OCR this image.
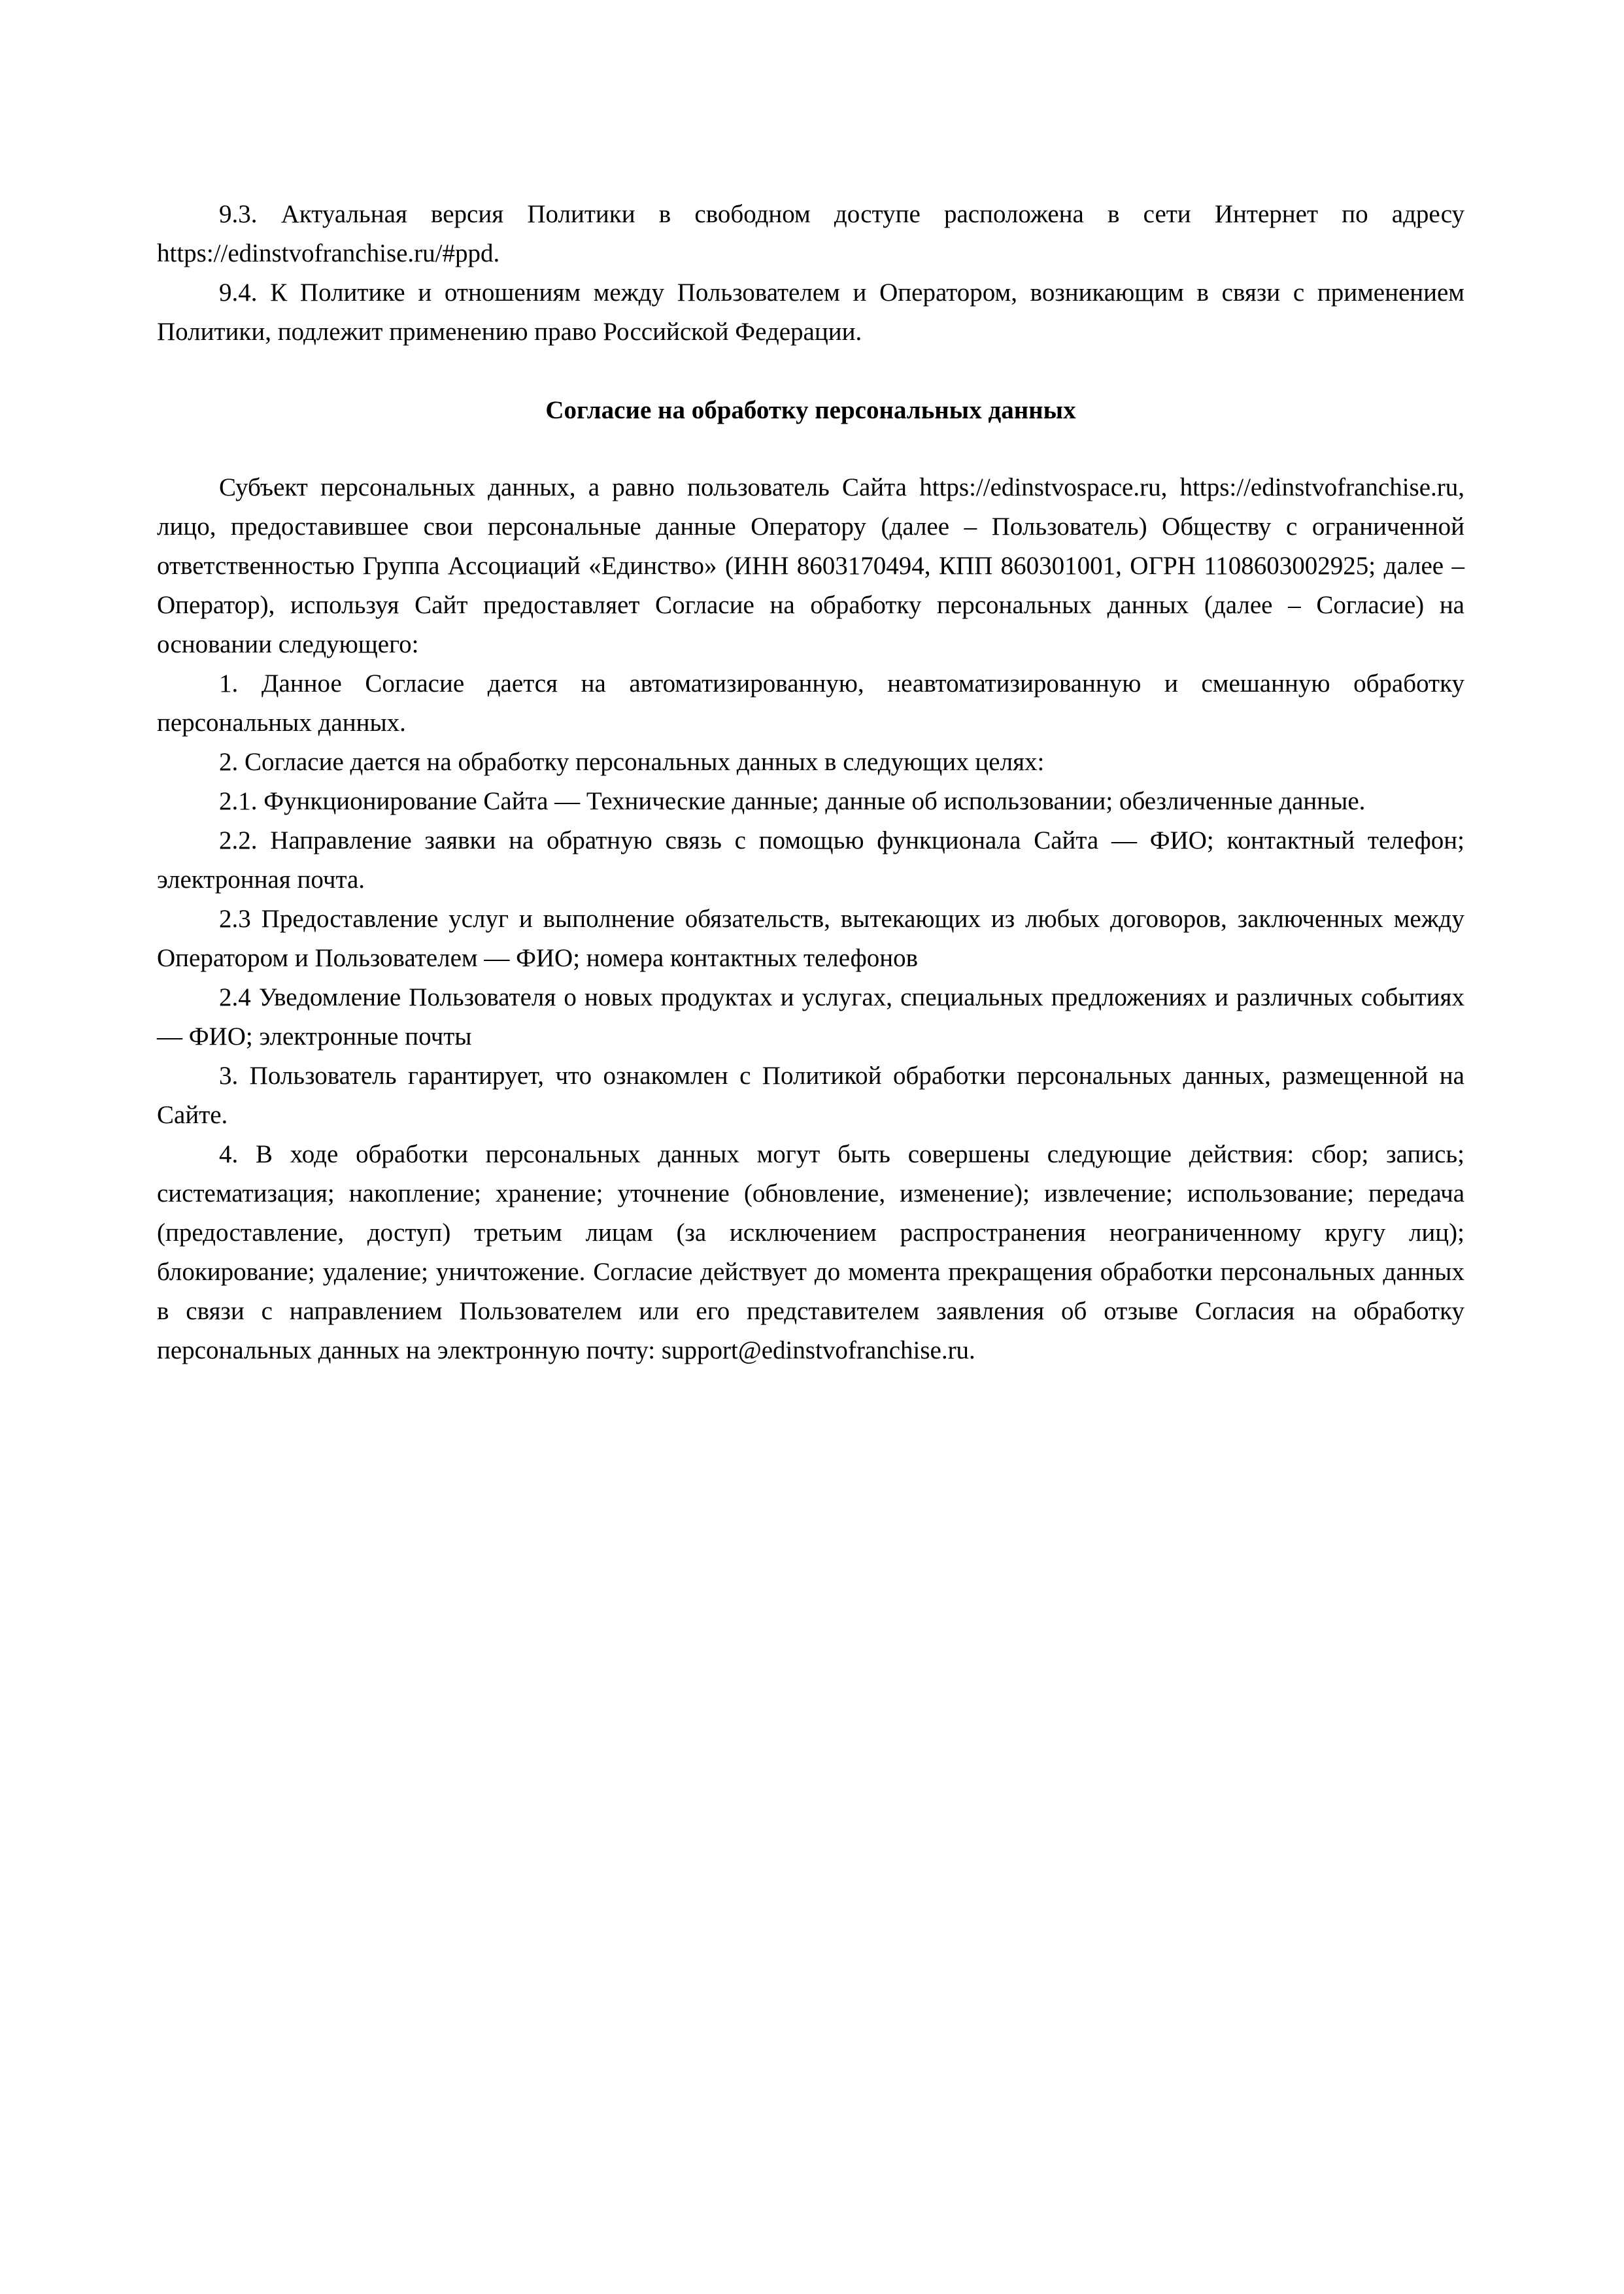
9.3. Актуальная версия Политики в свободном доступе расположена в сети Интернет по адресу https://edinstvofranchise.ru/#ppd.

9.4. К Политике и отношениям между Пользователем и Оператором, возникающим в связи с применением Политики, подлежит применению право Российской Федерации.

Согласие на обработку персональных данных

Субъект персональных данных, а равно пользователь Сайта https://edinstvospace.ru, https://edinstvofranchise.ru, лицо, предоставившее свои персональные данные Оператору (далее – Пользователь) Обществу с ограниченной ответственностью Группа Ассоциаций «Единство» (ИНН 8603170494, КПП 860301001, ОГРН 1108603002925; далее – Оператор), используя Сайт предоставляет Согласие на обработку персональных данных (далее – Согласие) на основании следующего:

1. Данное Согласие дается на автоматизированную, неавтоматизированную и смешанную обработку персональных данных.

2. Согласие дается на обработку персональных данных в следующих целях:

2.1. Функционирование Сайта — Технические данные; данные об использовании; обезличенные данные.

2.2. Направление заявки на обратную связь с помощью функционала Сайта — ФИО; контактный телефон; электронная почта.

2.3 Предоставление услуг и выполнение обязательств, вытекающих из любых договоров, заключенных между Оператором и Пользователем — ФИО; номера контактных телефонов

2.4 Уведомление Пользователя о новых продуктах и услугах, специальных предложениях и различных событиях — ФИО; электронные почты

3. Пользователь гарантирует, что ознакомлен с Политикой обработки персональных данных, размещенной на Сайте.

4. В ходе обработки персональных данных могут быть совершены следующие действия: сбор; запись; систематизация; накопление; хранение; уточнение (обновление, изменение); извлечение; использование; передача (предоставление, доступ) третьим лицам (за исключением распространения неограниченному кругу лиц); блокирование; удаление; уничтожение. Согласие действует до момента прекращения обработки персональных данных в связи с направлением Пользователем или его представителем заявления об отзыве Согласия на обработку персональных данных на электронную почту: support@edinstvofranchise.ru.
